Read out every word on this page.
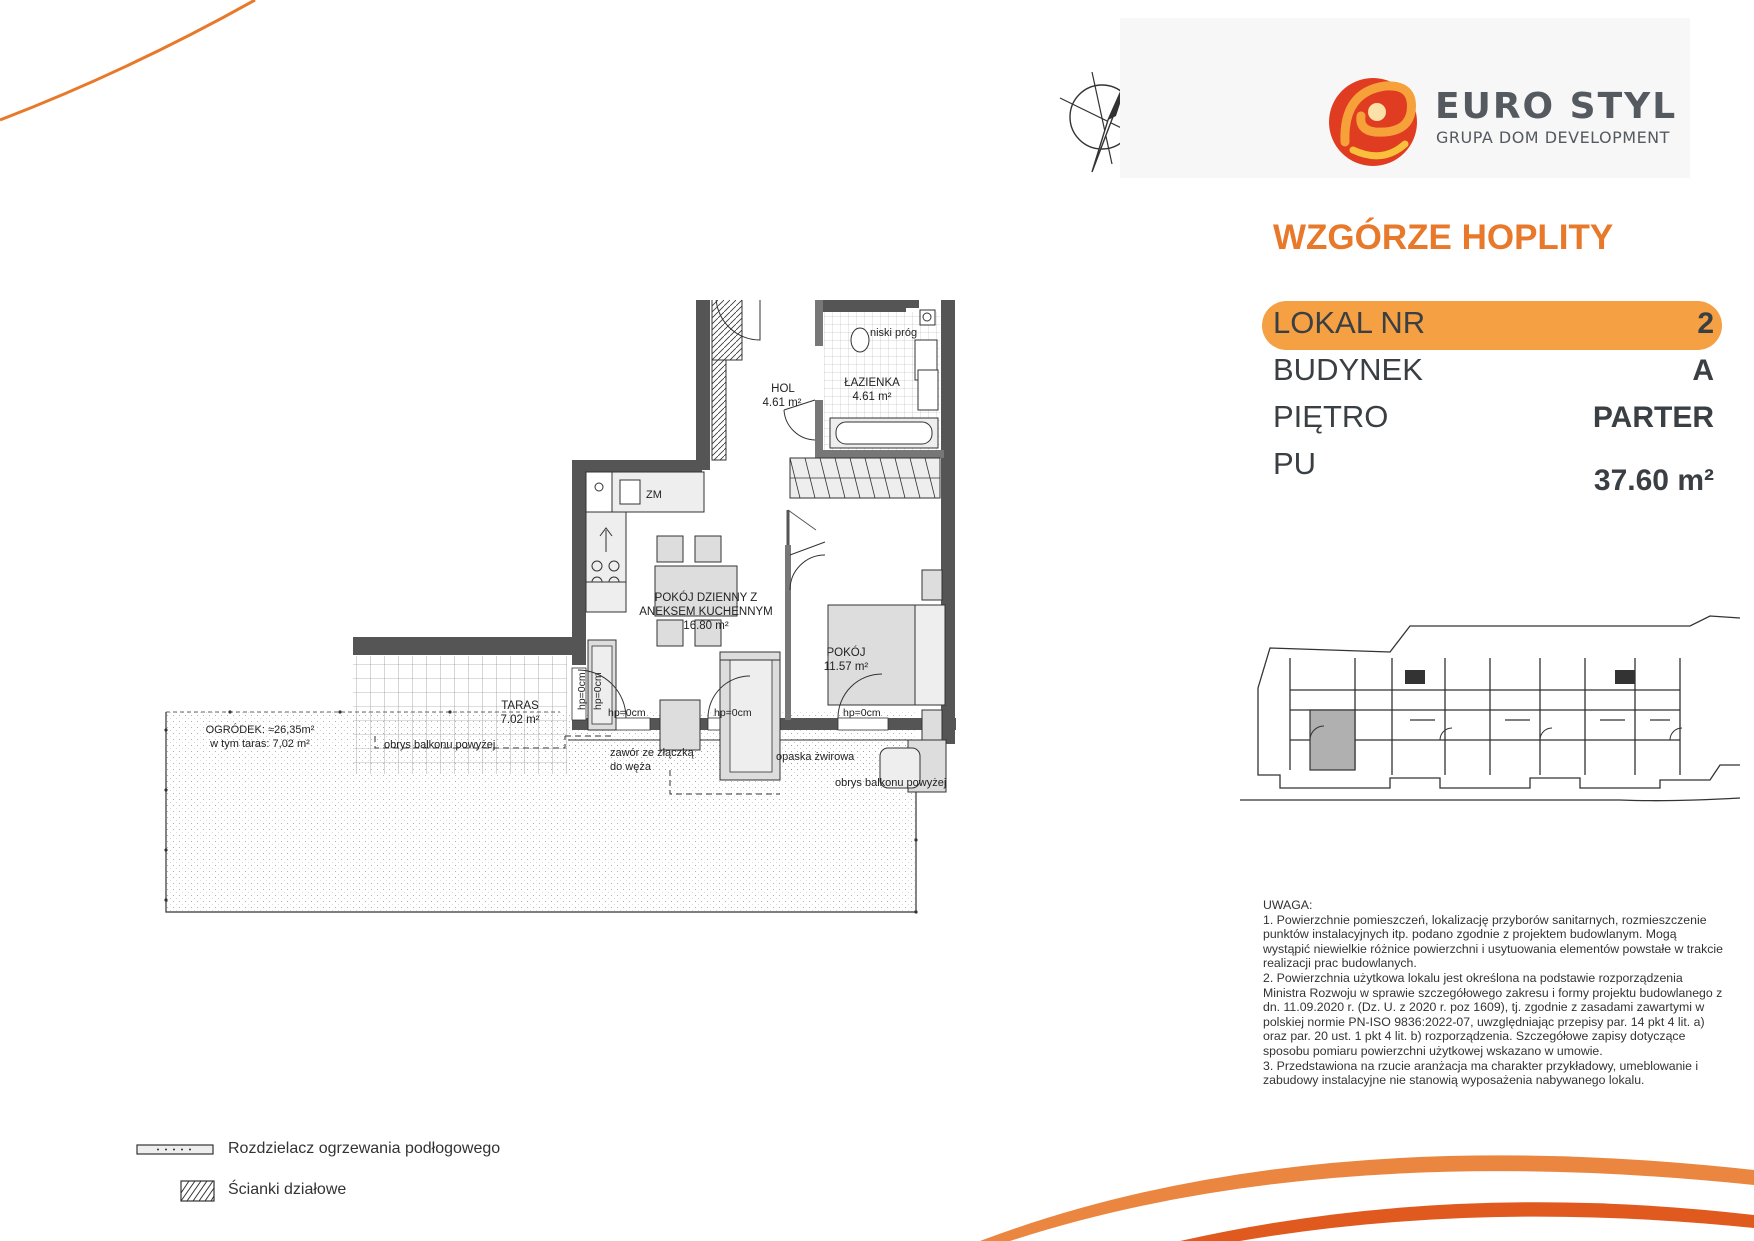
EURO STYL
GRUPA DOM DEVELOPMENT
WZGÓRZE HOPLITY
LOKAL NR	2
BUDYNEK	A
PIĘTRO	PARTER
PU	37.60 m²
HOL
4.61 m²
ŁAZIENKA
4.61 m²
POKÓJ DZIENNY Z
ANEKSEM KUCHENNYM
16.80 m²
POKÓJ
11.57 m²
TARAS
7.02 m²
OGRÓDEK: ≈26,35m²
w tym taras: 7,02 m²
niski próg
ZM
hp=0cm hp=0cm
hp=0cm	hp=0cm	hp=0cm
obrys balkonu powyżej
obrys balkonu powyżej
zawór ze złączką
do węża
opaska żwirowa

UWAGA:

1. Powierzchnie pomieszczeń, lokalizację przyborów sanitarnych, rozmieszczenie punktów instalacyjnych itp. podano zgodnie z projektem budowlanym. Mogą wystąpić niewielkie różnice powierzchni i usytuowania elementów powstałe w trakcie realizacji prac budowlanych.

2. Powierzchnia użytkowa lokalu jest określona na podstawie rozporządzenia Ministra Rozwoju w sprawie szczegółowego zakresu i formy projektu budowlanego z dn. 11.09.2020 r. (Dz. U. z 2020 r. poz 1609), tj. zgodnie z zasadami zawartymi w polskiej normie PN-ISO 9836:2022-07, uwzględniając przepisy par. 14 pkt 4 lit. a) oraz par. 20 ust. 1 pkt 4 lit. b) rozporządzenia. Szczegółowe zapisy dotyczące sposobu pomiaru powierzchni użytkowej wskazano w umowie.

3. Przedstawiona na rzucie aranżacja ma charakter przykładowy, umeblowanie i zabudowy instalacyjne nie stanowią wyposażenia nabywanego lokalu.

Rozdzielacz ogrzewania podłogowego
Ścianki działowe
